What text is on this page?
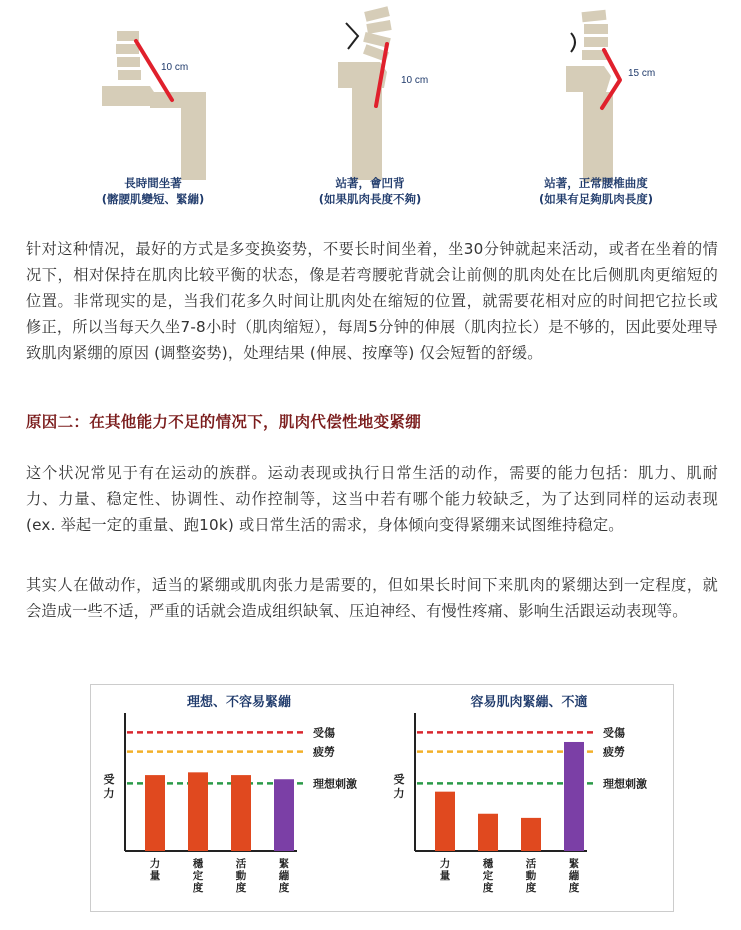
10 cm
長時間坐著
(髂腰肌變短、緊繃)
10 cm
站著，會凹背
(如果肌肉長度不夠)
15 cm
站著，正常腰椎曲度
(如果有足夠肌肉長度)

针对这种情况，最好的方式是多变换姿势，不要长时间坐着，坐30分钟就起来活动，或者在坐着的情况下，相对保持在肌肉比较平衡的状态，像是若弯腰驼背就会让前侧的肌肉处在比后侧肌肉更缩短的位置。非常现实的是，当我们花多久时间让肌肉处在缩短的位置，就需要花相对应的时间把它拉长或修正，所以当每天久坐7-8小时（肌肉缩短），每周5分钟的伸展（肌肉拉长）是不够的，因此要处理导致肌肉紧绷的原因 (调整姿势)，处理结果 (伸展、按摩等) 仅会短暂的舒缓。

原因二：在其他能力不足的情况下，肌肉代偿性地变紧绷

这个状况常见于有在运动的族群。运动表现或执行日常生活的动作，需要的能力包括：肌力、肌耐力、力量、稳定性、协调性、动作控制等，这当中若有哪个能力较缺乏，为了达到同样的运动表现 (ex. 举起一定的重量、跑10k) 或日常生活的需求，身体倾向变得紧绷来试图维持稳定。

其实人在做动作，适当的紧绷或肌肉张力是需要的，但如果长时间下来肌肉的紧绷达到一定程度，就会造成一些不适，严重的话就会造成组织缺氧、压迫神经、有慢性疼痛、影响生活跟运动表现等。

理想、不容易緊繃
受力
受傷
疲勞
理想刺激
力量
穩定度
活動度
緊繃度
容易肌肉緊繃、不適
受力
受傷
疲勞
理想刺激
力量
穩定度
活動度
緊繃度
